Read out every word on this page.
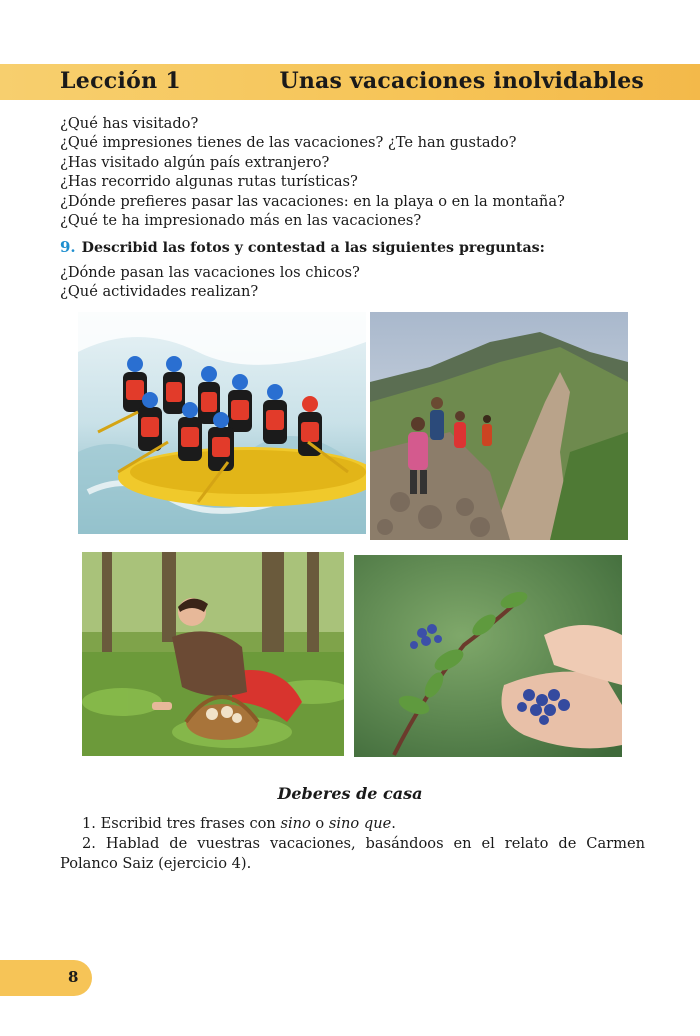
Lección 1	Unas vacaciones inolvidables
¿Qué has visitado?
¿Qué impresiones tienes de las vacaciones? ¿Te han gustado?
¿Has visitado algún país extranjero?
¿Has recorrido algunas rutas turísticas?
¿Dónde prefieres pasar las vacaciones: en la playa o en la montaña?
¿Qué te ha impresionado más en las vacaciones?
9. Describid las fotos y contestad a las siguientes preguntas:
¿Dónde pasan las vacaciones los chicos?
¿Qué actividades realizan?
Deberes de casa
1. Escribid tres frases con sino o sino que.
2. Hablad de vuestras vacaciones, basándoos en el relato de Carmen Polanco Saiz (ejercicio 4).
8
